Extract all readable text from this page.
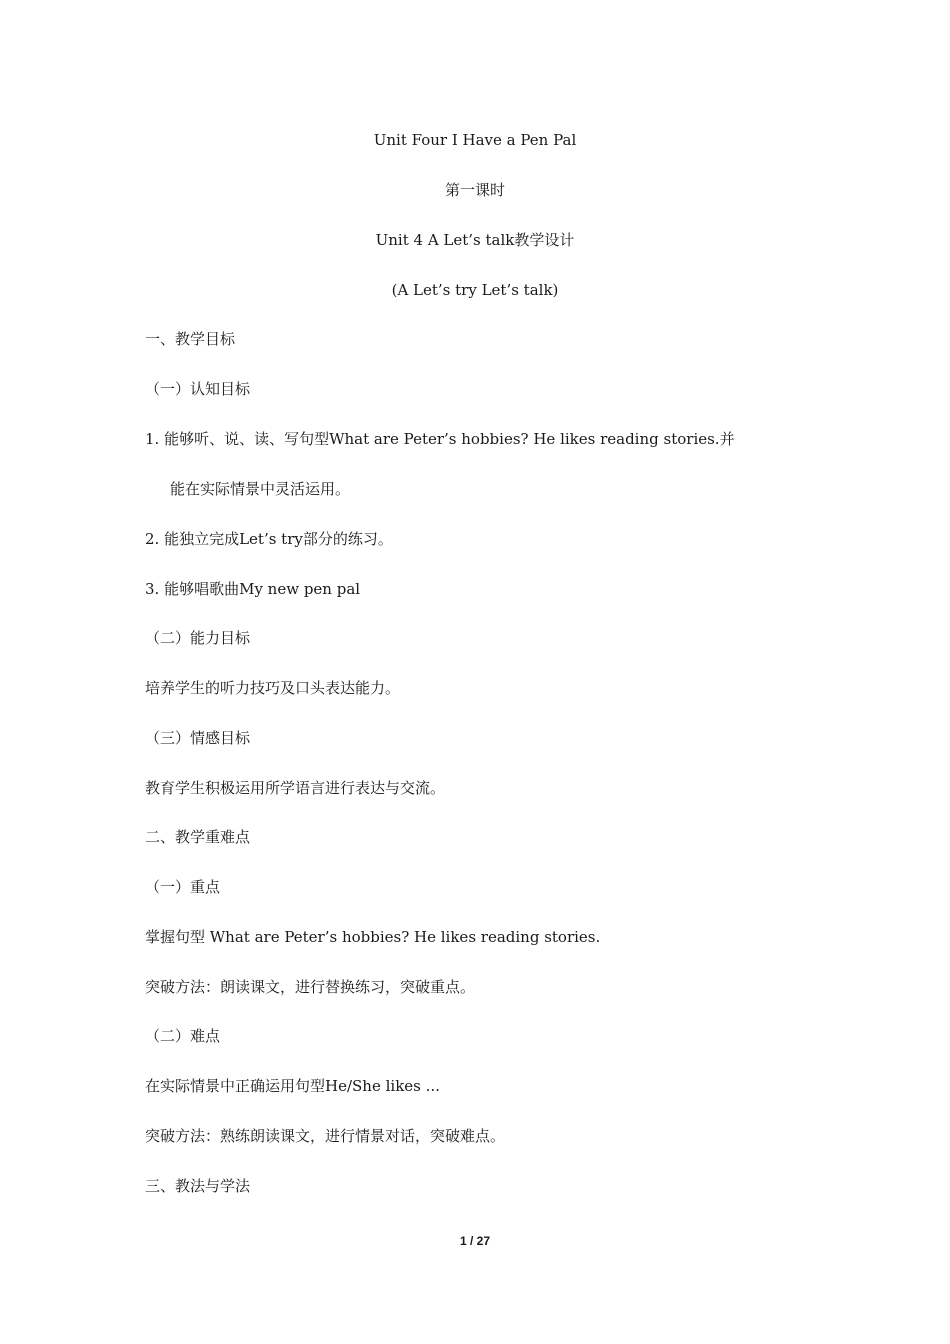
Unit Four I Have a Pen Pal
第一课时
Unit 4 A Let’s talk教学设计
(A Let’s try Let’s talk)
一、教学目标
（一）认知目标
1. 能够听、说、读、写句型What are Peter’s hobbies? He likes reading stories.并
能在实际情景中灵活运用。
2. 能独立完成Let’s try部分的练习。
3. 能够唱歌曲My new pen pal
（二）能力目标
培养学生的听力技巧及口头表达能力。
（三）情感目标
教育学生积极运用所学语言进行表达与交流。
二、教学重难点
（一）重点
掌握句型 What are Peter’s hobbies? He likes reading stories.
突破方法：朗读课文，进行替换练习，突破重点。
（二）难点
在实际情景中正确运用句型He/She likes ...
突破方法：熟练朗读课文，进行情景对话，突破难点。
三、教法与学法
1 / 27
